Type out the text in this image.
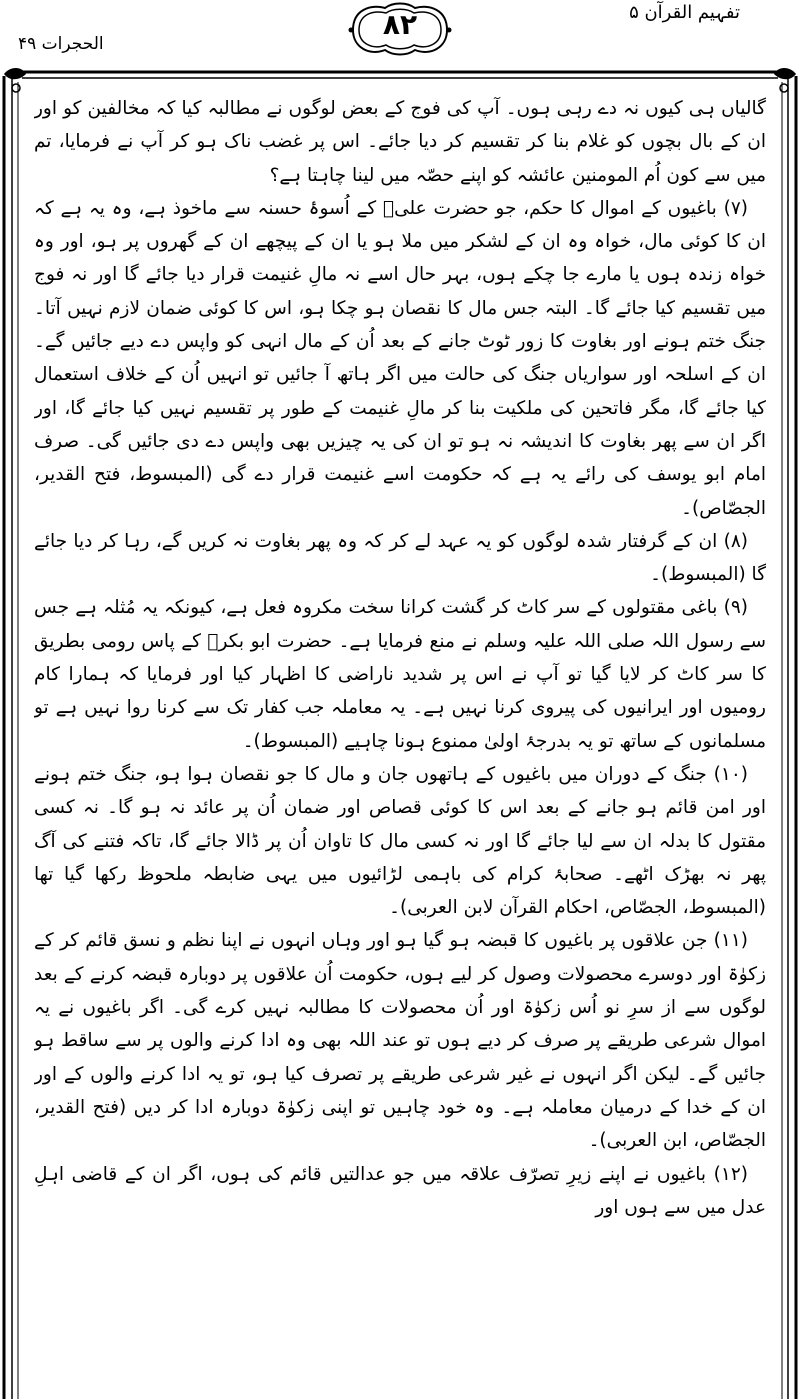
الحجرات ۴۹
۸۲	تفہیم القرآن ۵

گالیاں ہی کیوں نہ دے رہی ہوں۔ آپ کی فوج کے بعض لوگوں نے مطالبہ کیا کہ مخالفین کو اور ان کے بال بچوں کو غلام بنا کر تقسیم کر دیا جائے۔ اس پر غضب ناک ہو کر آپ نے فرمایا، تم میں سے کون اُم المومنین عائشہ کو اپنے حصّہ میں لینا چاہتا ہے؟

(۷) باغیوں کے اموال کا حکم، جو حضرت علیؓ کے اُسوۂ حسنہ سے ماخوذ ہے، وہ یہ ہے کہ ان کا کوئی مال، خواہ وہ ان کے لشکر میں ملا ہو یا ان کے پیچھے ان کے گھروں پر ہو، اور وہ خواہ زندہ ہوں یا مارے جا چکے ہوں، بہر حال اسے نہ مالِ غنیمت قرار دیا جائے گا اور نہ فوج میں تقسیم کیا جائے گا۔ البتہ جس مال کا نقصان ہو چکا ہو، اس کا کوئی ضمان لازم نہیں آتا۔ جنگ ختم ہونے اور بغاوت کا زور ٹوٹ جانے کے بعد اُن کے مال انہی کو واپس دے دیے جائیں گے۔ ان کے اسلحہ اور سواریاں جنگ کی حالت میں اگر ہاتھ آ جائیں تو انہیں اُن کے خلاف استعمال کیا جائے گا، مگر فاتحین کی ملکیت بنا کر مالِ غنیمت کے طور پر تقسیم نہیں کیا جائے گا، اور اگر ان سے پھر بغاوت کا اندیشہ نہ ہو تو ان کی یہ چیزیں بھی واپس دے دی جائیں گی۔ صرف امام ابو یوسف کی رائے یہ ہے کہ حکومت اسے غنیمت قرار دے گی (المبسوط، فتح القدیر، الجصّاص)۔

(۸) ان کے گرفتار شدہ لوگوں کو یہ عہد لے کر کہ وہ پھر بغاوت نہ کریں گے، رہا کر دیا جائے گا (المبسوط)۔

(۹) باغی مقتولوں کے سر کاٹ کر گشت کرانا سخت مکروہ فعل ہے، کیونکہ یہ مُثلہ ہے جس سے رسول اللہ صلی اللہ علیہ وسلم نے منع فرمایا ہے۔ حضرت ابو بکرؓ کے پاس رومی بطریق کا سر کاٹ کر لایا گیا تو آپ نے اس پر شدید ناراضی کا اظہار کیا اور فرمایا کہ ہمارا کام رومیوں اور ایرانیوں کی پیروی کرنا نہیں ہے۔ یہ معاملہ جب کفار تک سے کرنا روا نہیں ہے تو مسلمانوں کے ساتھ تو یہ بدرجۂ اولیٰ ممنوع ہونا چاہیے (المبسوط)۔

(۱۰) جنگ کے دوران میں باغیوں کے ہاتھوں جان و مال کا جو نقصان ہوا ہو، جنگ ختم ہونے اور امن قائم ہو جانے کے بعد اس کا کوئی قصاص اور ضمان اُن پر عائد نہ ہو گا۔ نہ کسی مقتول کا بدلہ ان سے لیا جائے گا اور نہ کسی مال کا تاوان اُن پر ڈالا جائے گا، تاکہ فتنے کی آگ پھر نہ بھڑک اٹھے۔ صحابۂ کرام کی باہمی لڑائیوں میں یہی ضابطہ ملحوظ رکھا گیا تھا (المبسوط، الجصّاص، احکام القرآن لابن العربی)۔

(۱۱) جن علاقوں پر باغیوں کا قبضہ ہو گیا ہو اور وہاں انہوں نے اپنا نظم و نسق قائم کر کے زکوٰۃ اور دوسرے محصولات وصول کر لیے ہوں، حکومت اُن علاقوں پر دوبارہ قبضہ کرنے کے بعد لوگوں سے از سرِ نو اُس زکوٰۃ اور اُن محصولات کا مطالبہ نہیں کرے گی۔ اگر باغیوں نے یہ اموال شرعی طریقے پر صرف کر دیے ہوں تو عند اللہ بھی وہ ادا کرنے والوں پر سے ساقط ہو جائیں گے۔ لیکن اگر انہوں نے غیر شرعی طریقے پر تصرف کیا ہو، تو یہ ادا کرنے والوں کے اور ان کے خدا کے درمیان معاملہ ہے۔ وہ خود چاہیں تو اپنی زکوٰۃ دوبارہ ادا کر دیں (فتح القدیر، الجصّاص، ابن العربی)۔

(۱۲) باغیوں نے اپنے زیرِ تصرّف علاقہ میں جو عدالتیں قائم کی ہوں، اگر ان کے قاضی اہلِ عدل میں سے ہوں اور
